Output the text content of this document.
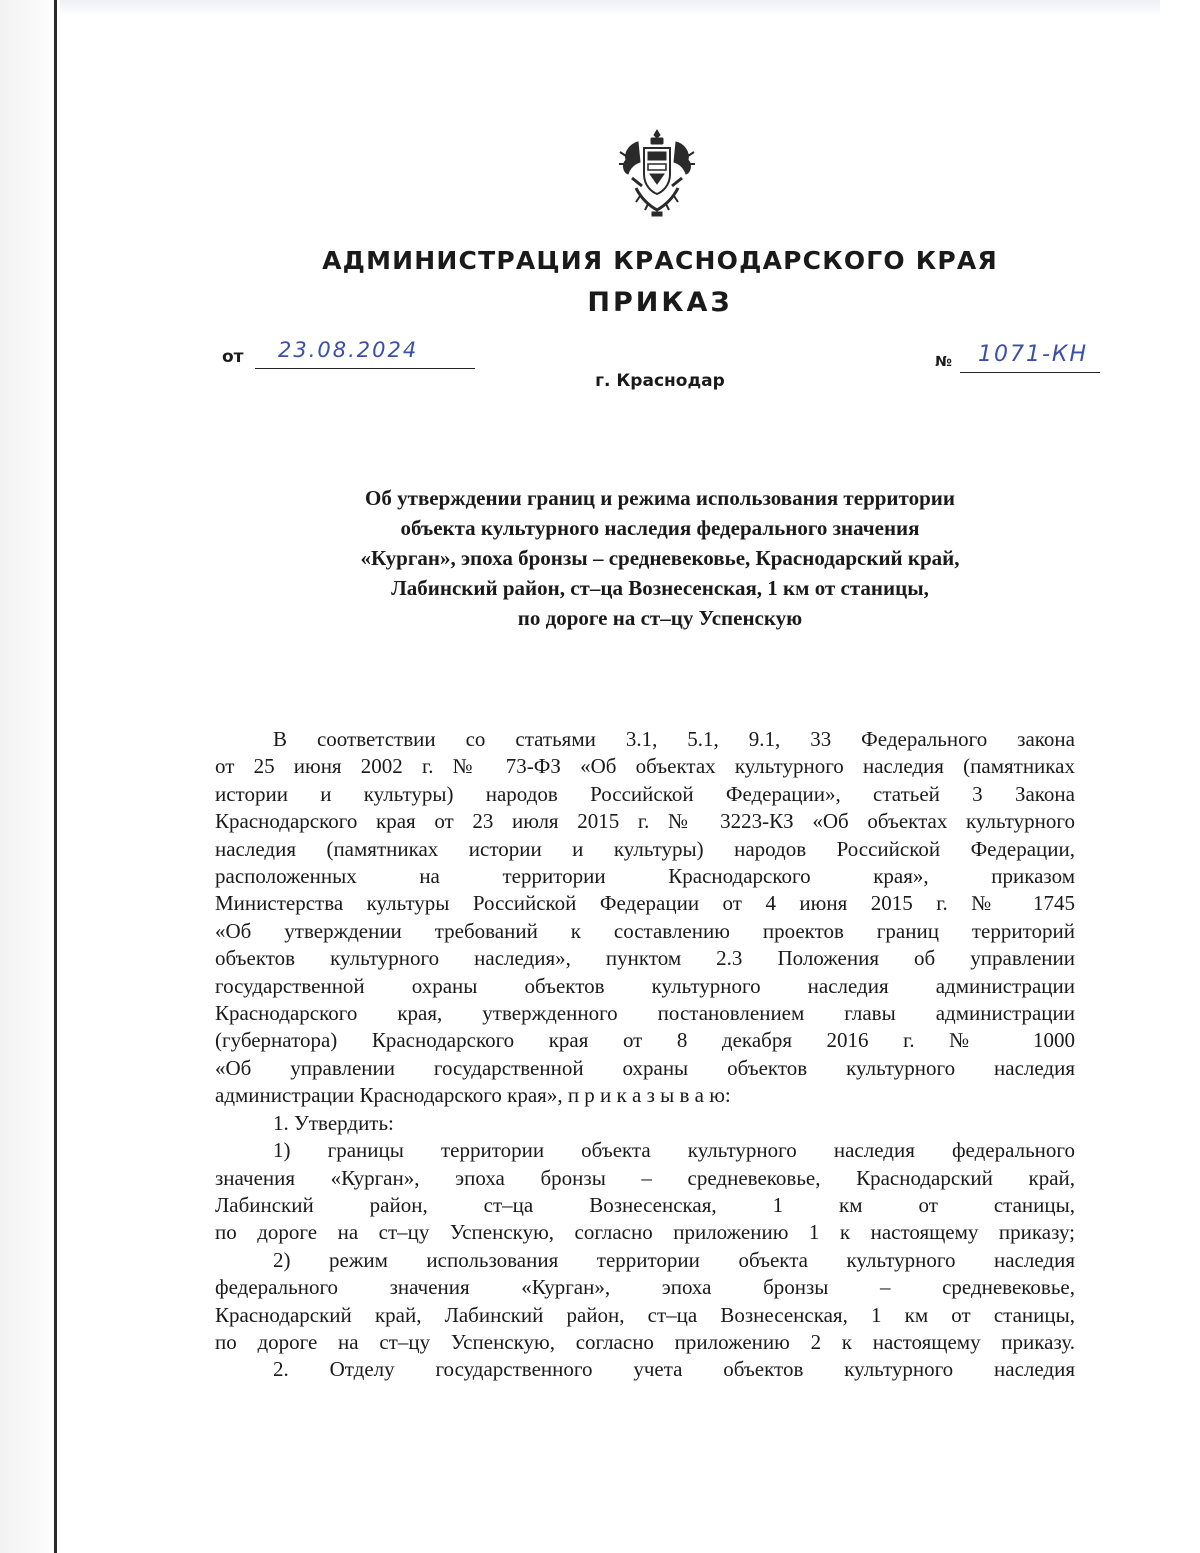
АДМИНИСТРАЦИЯ КРАСНОДАРСКОГО КРАЯ
ПРИКАЗ
от 23.08.2024
г. Краснодар
№ 1071-КН
Об утверждении границ и режима использования территории
объекта культурного наследия федерального значения
«Курган», эпоха бронзы – средневековье, Краснодарский край,
Лабинский район, ст–ца Вознесенская, 1 км от станицы,
по дороге на ст–цу Успенскую
В соответствии со статьями 3.1, 5.1, 9.1, 33 Федерального закона
от 25 июня 2002 г. № 73-ФЗ «Об объектах культурного наследия (памятниках
истории и культуры) народов Российской Федерации», статьей 3 Закона
Краснодарского края от 23 июля 2015 г. № 3223-КЗ «Об объектах культурного
наследия (памятниках истории и культуры) народов Российской Федерации,
расположенных на территории Краснодарского края», приказом
Министерства культуры Российской Федерации от 4 июня 2015 г. № 1745
«Об утверждении требований к составлению проектов границ территорий
объектов культурного наследия», пунктом 2.3 Положения об управлении
государственной охраны объектов культурного наследия администрации
Краснодарского края, утвержденного постановлением главы администрации
(губернатора) Краснодарского края от 8 декабря 2016 г. № 1000
«Об управлении государственной охраны объектов культурного наследия
администрации Краснодарского края», п р и к а з ы в а ю:
1. Утвердить:
1) границы территории объекта культурного наследия федерального
значения «Курган», эпоха бронзы – средневековье, Краснодарский край,
Лабинский район, ст–ца Вознесенская, 1 км от станицы,
по дороге на ст–цу Успенскую, согласно приложению 1 к настоящему приказу;
2) режим использования территории объекта культурного наследия
федерального значения «Курган», эпоха бронзы – средневековье,
Краснодарский край, Лабинский район, ст–ца Вознесенская, 1 км от станицы,
по дороге на ст–цу Успенскую, согласно приложению 2 к настоящему приказу.
2. Отделу государственного учета объектов культурного наследия
